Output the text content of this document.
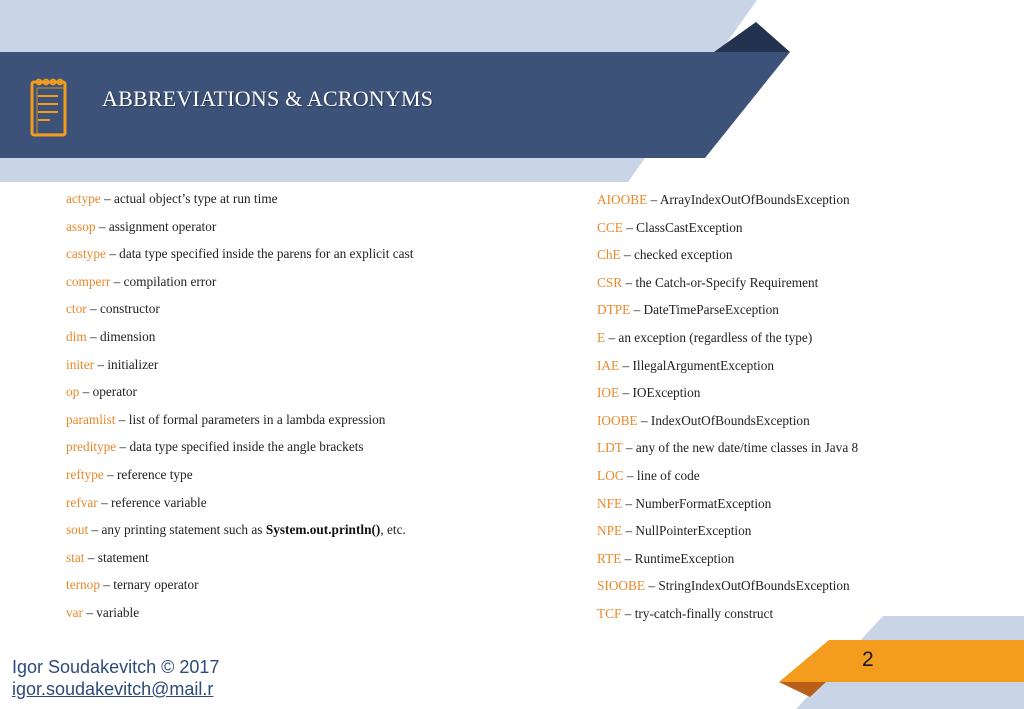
ABBREVIATIONS & ACRONYMS
actype – actual object’s type at run time
assop – assignment operator
castype – data type specified inside the parens for an explicit cast
comperr – compilation error
ctor – constructor
dim – dimension
initer – initializer
op – operator
paramlist – list of formal parameters in a lambda expression
preditype – data type specified inside the angle brackets
reftype – reference type
refvar – reference variable
sout – any printing statement such as System.out.println(), etc.
stat – statement
ternop – ternary operator
var – variable
AIOOBE – ArrayIndexOutOfBoundsException
CCE – ClassCastException
ChE – checked exception
CSR – the Catch-or-Specify Requirement
DTPE – DateTimeParseException
E – an exception (regardless of the type)
IAE – IllegalArgumentException
IOE – IOException
IOOBE – IndexOutOfBoundsException
LDT – any of the new date/time classes in Java 8
LOC – line of code
NFE – NumberFormatException
NPE – NullPointerException
RTE – RuntimeException
SIOOBE – StringIndexOutOfBoundsException
TCF – try-catch-finally construct
2
Igor Soudakevitch © 2017
igor.soudakevitch@mail.r
